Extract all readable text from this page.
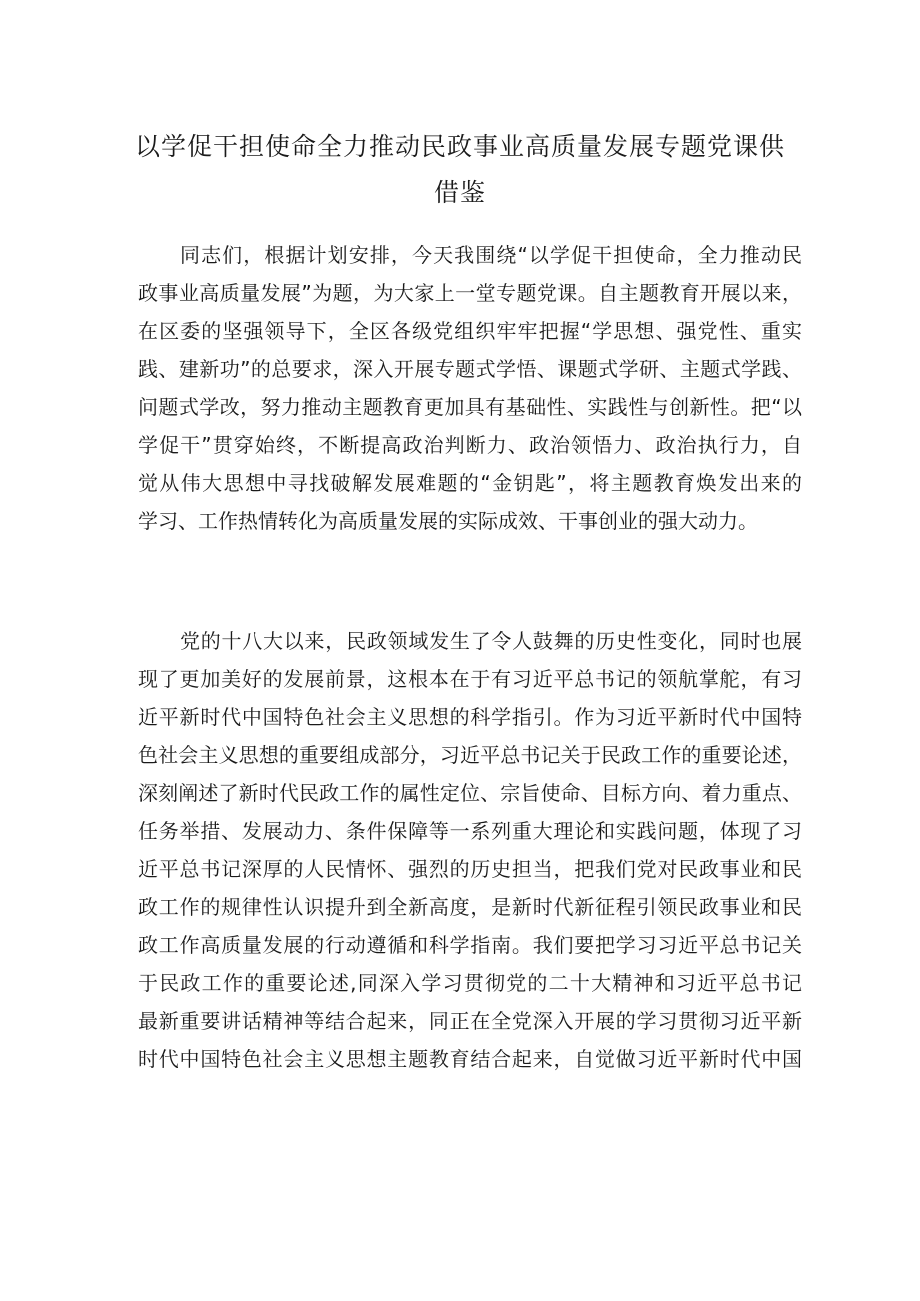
以学促干担使命全力推动民政事业高质量发展专题党课供
借鉴
同志们，根据计划安排，今天我围绕“以学促干担使命，全力推动民
政事业高质量发展”为题，为大家上一堂专题党课。自主题教育开展以来，
在区委的坚强领导下，全区各级党组织牢牢把握“学思想、强党性、重实
践、建新功”的总要求，深入开展专题式学悟、课题式学研、主题式学践、
问题式学改，努力推动主题教育更加具有基础性、实践性与创新性。把“以
学促干”贯穿始终，不断提高政治判断力、政治领悟力、政治执行力，自
觉从伟大思想中寻找破解发展难题的“金钥匙”，将主题教育焕发出来的
学习、工作热情转化为高质量发展的实际成效、干事创业的强大动力。
党的十八大以来，民政领域发生了令人鼓舞的历史性变化，同时也展
现了更加美好的发展前景，这根本在于有习近平总书记的领航掌舵，有习
近平新时代中国特色社会主义思想的科学指引。作为习近平新时代中国特
色社会主义思想的重要组成部分，习近平总书记关于民政工作的重要论述，
深刻阐述了新时代民政工作的属性定位、宗旨使命、目标方向、着力重点、
任务举措、发展动力、条件保障等一系列重大理论和实践问题，体现了习
近平总书记深厚的人民情怀、强烈的历史担当，把我们党对民政事业和民
政工作的规律性认识提升到全新高度，是新时代新征程引领民政事业和民
政工作高质量发展的行动遵循和科学指南。我们要把学习习近平总书记关
于民政工作的重要论述,同深入学习贯彻党的二十大精神和习近平总书记
最新重要讲话精神等结合起来，同正在全党深入开展的学习贯彻习近平新
时代中国特色社会主义思想主题教育结合起来，自觉做习近平新时代中国
